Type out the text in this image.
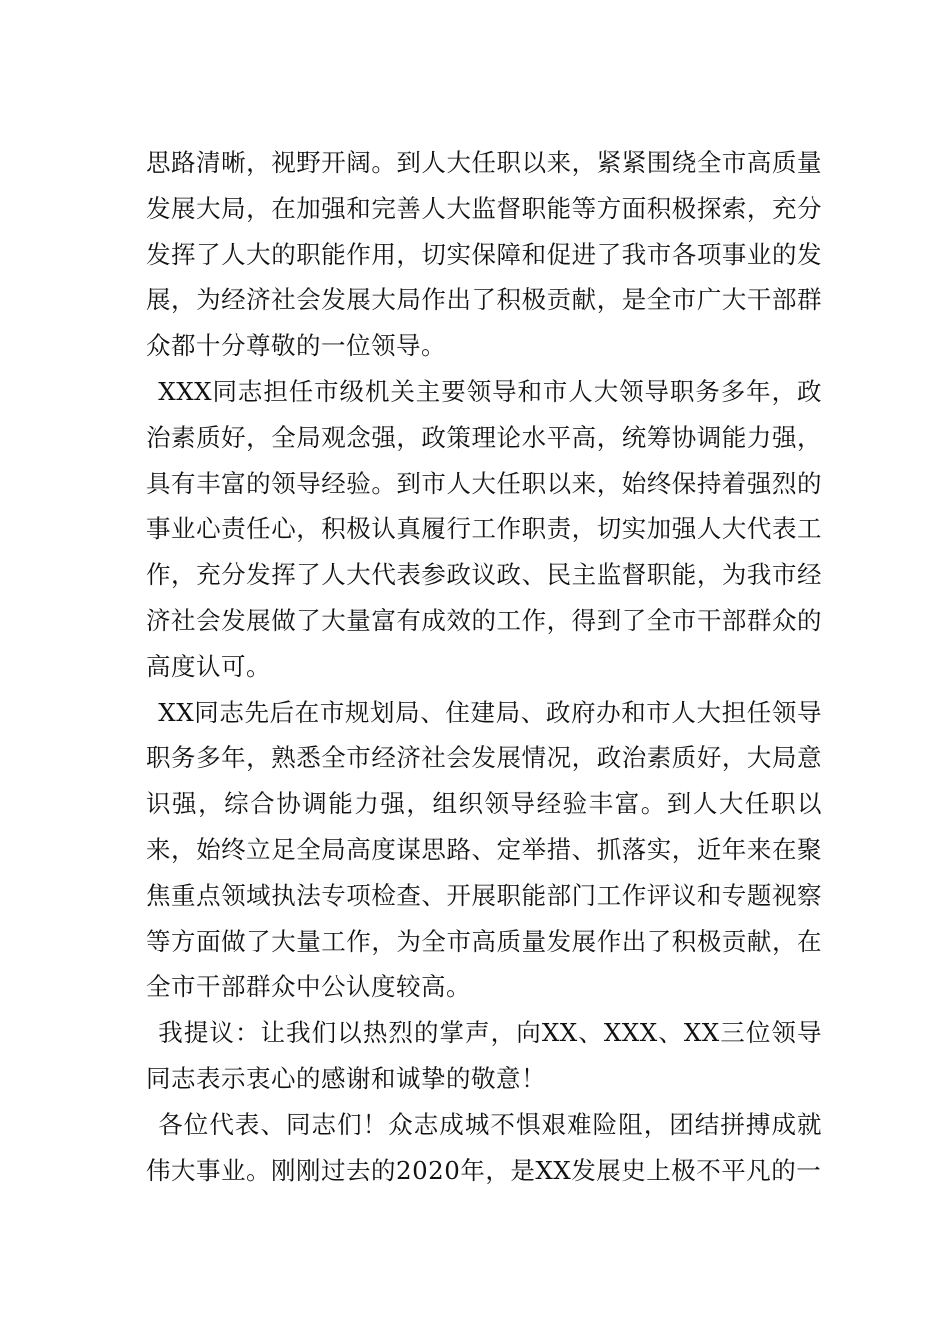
思路清晰，视野开阔。到人大任职以来，紧紧围绕全市高质量发展大局，在加强和完善人大监督职能等方面积极探索，充分发挥了人大的职能作用，切实保障和促进了我市各项事业的发展，为经济社会发展大局作出了积极贡献，是全市广大干部群众都十分尊敬的一位领导。

XXX同志担任市级机关主要领导和市人大领导职务多年，政治素质好，全局观念强，政策理论水平高，统筹协调能力强，具有丰富的领导经验。到市人大任职以来，始终保持着强烈的事业心责任心，积极认真履行工作职责，切实加强人大代表工作，充分发挥了人大代表参政议政、民主监督职能，为我市经济社会发展做了大量富有成效的工作，得到了全市干部群众的高度认可。

XX同志先后在市规划局、住建局、政府办和市人大担任领导职务多年，熟悉全市经济社会发展情况，政治素质好，大局意识强，综合协调能力强，组织领导经验丰富。到人大任职以来，始终立足全局高度谋思路、定举措、抓落实，近年来在聚焦重点领域执法专项检查、开展职能部门工作评议和专题视察等方面做了大量工作，为全市高质量发展作出了积极贡献，在全市干部群众中公认度较高。

我提议：让我们以热烈的掌声，向XX、XXX、XX三位领导同志表示衷心的感谢和诚挚的敬意！

各位代表、同志们！众志成城不惧艰难险阻，团结拼搏成就伟大事业。刚刚过去的2020年，是XX发展史上极不平凡的一
